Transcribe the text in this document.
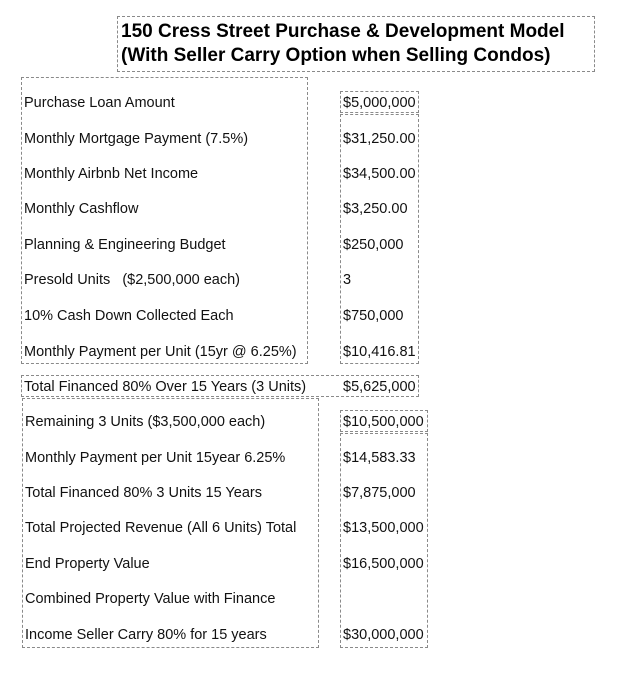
150 Cress Street Purchase & Development Model
(With Seller Carry Option when Selling Condos)
Purchase Loan Amount	$5,000,000
Monthly Mortgage Payment (7.5%)	$31,250.00
Monthly Airbnb Net Income	$34,500.00
Monthly Cashflow	$3,250.00
Planning & Engineering Budget	$250,000
Presold Units   ($2,500,000 each)	3
10% Cash Down Collected Each	$750,000
Monthly Payment per Unit (15yr @ 6.25%)	$10,416.81
Total Financed 80% Over 15 Years (3 Units)	$5,625,000
Remaining 3 Units ($3,500,000 each)	$10,500,000
Monthly Payment per Unit 15year 6.25%	$14,583.33
Total Financed 80% 3 Units 15 Years	$7,875,000
Total Projected Revenue (All 6 Units) Total	$13,500,000
End Property Value	$16,500,000
Combined Property Value with Finance
Income Seller Carry 80% for 15 years	$30,000,000
